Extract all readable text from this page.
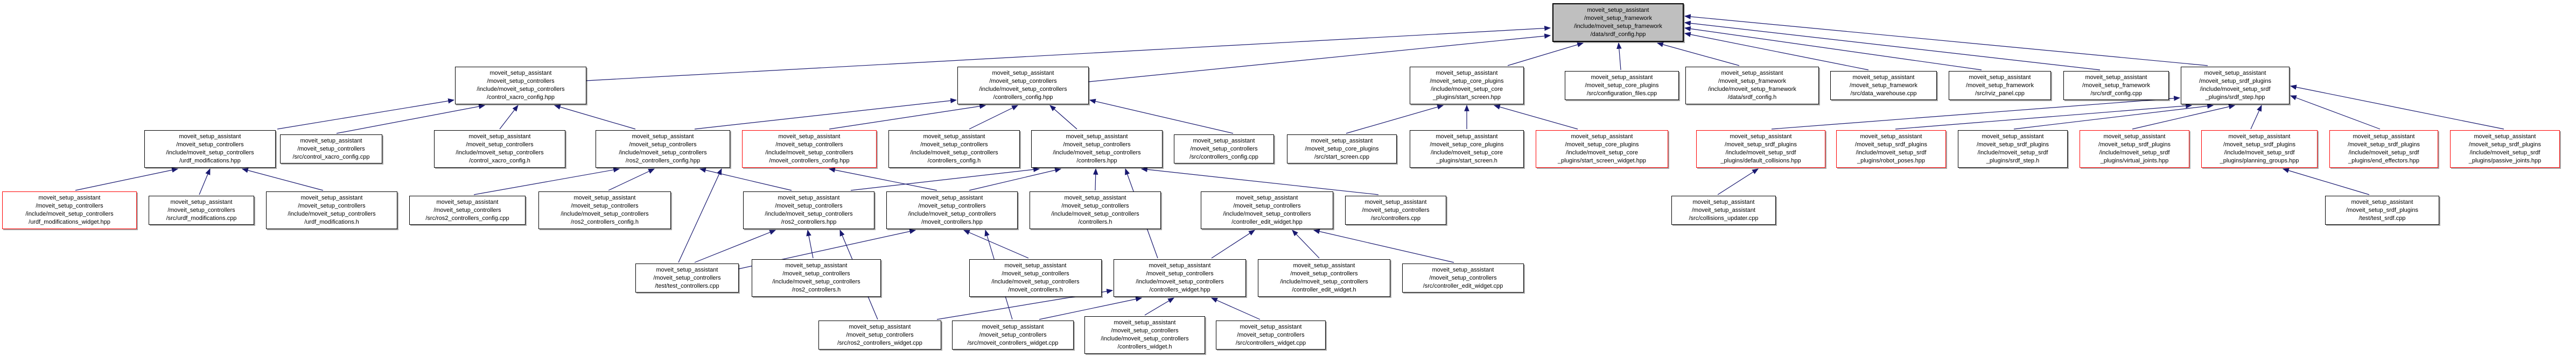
moveit_setup_assistant
/moveit_setup_framework
/include/moveit_setup_framework
/data/srdf_config.hpp
moveit_setup_assistant
/moveit_setup_controllers
/include/moveit_setup_controllers
/control_xacro_config.hpp
moveit_setup_assistant
/moveit_setup_controllers
/include/moveit_setup_controllers
/controllers_config.hpp
moveit_setup_assistant
/moveit_setup_core_plugins
/include/moveit_setup_core
_plugins/start_screen.hpp
moveit_setup_assistant
/moveit_setup_core_plugins
/src/configuration_files.cpp
moveit_setup_assistant
/moveit_setup_framework
/include/moveit_setup_framework
/data/srdf_config.h
moveit_setup_assistant
/moveit_setup_framework
/src/data_warehouse.cpp
moveit_setup_assistant
/moveit_setup_framework
/src/rviz_panel.cpp
moveit_setup_assistant
/moveit_setup_framework
/src/srdf_config.cpp
moveit_setup_assistant
/moveit_setup_srdf_plugins
/include/moveit_setup_srdf
_plugins/srdf_step.hpp
moveit_setup_assistant
/moveit_setup_controllers
/include/moveit_setup_controllers
/urdf_modifications.hpp
moveit_setup_assistant
/moveit_setup_controllers
/src/control_xacro_config.cpp
moveit_setup_assistant
/moveit_setup_controllers
/include/moveit_setup_controllers
/control_xacro_config.h
moveit_setup_assistant
/moveit_setup_controllers
/include/moveit_setup_controllers
/ros2_controllers_config.hpp
moveit_setup_assistant
/moveit_setup_controllers
/include/moveit_setup_controllers
/moveit_controllers_config.hpp
moveit_setup_assistant
/moveit_setup_controllers
/include/moveit_setup_controllers
/controllers_config.h
moveit_setup_assistant
/moveit_setup_controllers
/include/moveit_setup_controllers
/controllers.hpp
moveit_setup_assistant
/moveit_setup_controllers
/src/controllers_config.cpp
moveit_setup_assistant
/moveit_setup_core_plugins
/src/start_screen.cpp
moveit_setup_assistant
/moveit_setup_core_plugins
/include/moveit_setup_core
_plugins/start_screen.h
moveit_setup_assistant
/moveit_setup_core_plugins
/include/moveit_setup_core
_plugins/start_screen_widget.hpp
moveit_setup_assistant
/moveit_setup_srdf_plugins
/include/moveit_setup_srdf
_plugins/default_collisions.hpp
moveit_setup_assistant
/moveit_setup_srdf_plugins
/include/moveit_setup_srdf
_plugins/robot_poses.hpp
moveit_setup_assistant
/moveit_setup_srdf_plugins
/include/moveit_setup_srdf
_plugins/srdf_step.h
moveit_setup_assistant
/moveit_setup_srdf_plugins
/include/moveit_setup_srdf
_plugins/virtual_joints.hpp
moveit_setup_assistant
/moveit_setup_srdf_plugins
/include/moveit_setup_srdf
_plugins/planning_groups.hpp
moveit_setup_assistant
/moveit_setup_srdf_plugins
/include/moveit_setup_srdf
_plugins/end_effectors.hpp
moveit_setup_assistant
/moveit_setup_srdf_plugins
/include/moveit_setup_srdf
_plugins/passive_joints.hpp
moveit_setup_assistant
/moveit_setup_controllers
/include/moveit_setup_controllers
/urdf_modifications_widget.hpp
moveit_setup_assistant
/moveit_setup_controllers
/src/urdf_modifications.cpp
moveit_setup_assistant
/moveit_setup_controllers
/include/moveit_setup_controllers
/urdf_modifications.h
moveit_setup_assistant
/moveit_setup_controllers
/src/ros2_controllers_config.cpp
moveit_setup_assistant
/moveit_setup_controllers
/include/moveit_setup_controllers
/ros2_controllers_config.h
moveit_setup_assistant
/moveit_setup_controllers
/include/moveit_setup_controllers
/ros2_controllers.hpp
moveit_setup_assistant
/moveit_setup_controllers
/include/moveit_setup_controllers
/moveit_controllers.hpp
moveit_setup_assistant
/moveit_setup_controllers
/include/moveit_setup_controllers
/controllers.h
moveit_setup_assistant
/moveit_setup_controllers
/include/moveit_setup_controllers
/controller_edit_widget.hpp
moveit_setup_assistant
/moveit_setup_controllers
/src/controllers.cpp
moveit_setup_assistant
/moveit_setup_assistant
/src/collisions_updater.cpp
moveit_setup_assistant
/moveit_setup_srdf_plugins
/test/test_srdf.cpp
moveit_setup_assistant
/moveit_setup_controllers
/test/test_controllers.cpp
moveit_setup_assistant
/moveit_setup_controllers
/include/moveit_setup_controllers
/ros2_controllers.h
moveit_setup_assistant
/moveit_setup_controllers
/include/moveit_setup_controllers
/moveit_controllers.h
moveit_setup_assistant
/moveit_setup_controllers
/include/moveit_setup_controllers
/controllers_widget.hpp
moveit_setup_assistant
/moveit_setup_controllers
/include/moveit_setup_controllers
/controller_edit_widget.h
moveit_setup_assistant
/moveit_setup_controllers
/src/controller_edit_widget.cpp
moveit_setup_assistant
/moveit_setup_controllers
/src/ros2_controllers_widget.cpp
moveit_setup_assistant
/moveit_setup_controllers
/src/moveit_controllers_widget.cpp
moveit_setup_assistant
/moveit_setup_controllers
/include/moveit_setup_controllers
/controllers_widget.h
moveit_setup_assistant
/moveit_setup_controllers
/src/controllers_widget.cpp
